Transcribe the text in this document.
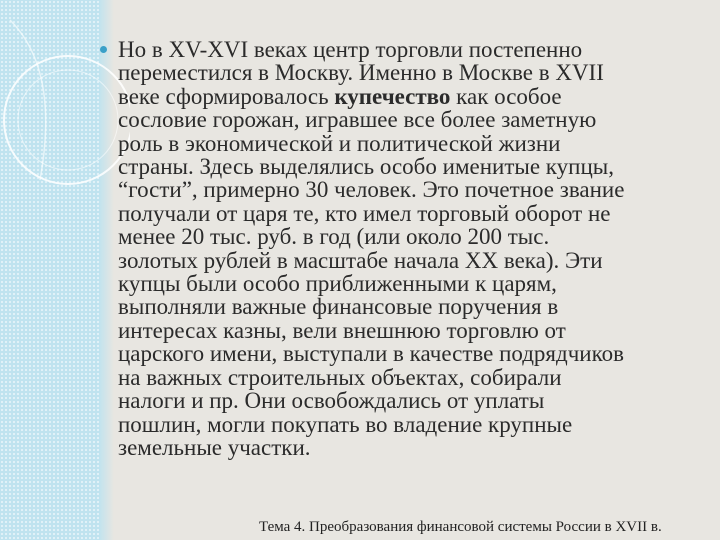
Но в XV-XVI веках центр торговли постепенно
переместился в Москву. Именно в Москве в XVII
веке сформировалось купечество как особое
сословие горожан, игравшее все более заметную
роль в экономической и политической жизни
страны. Здесь выделялись особо именитые купцы,
“гости”, примерно 30 человек. Это почетное звание
получали от царя те, кто имел торговый оборот не
менее 20 тыс. руб. в год (или около 200 тыс.
золотых рублей в масштабе начала XX века). Эти
купцы были особо приближенными к царям,
выполняли важные финансовые поручения в
интересах казны, вели внешнюю торговлю от
царского имени, выступали в качестве подрядчиков
на важных строительных объектах, собирали
налоги и пр. Они освобождались от уплаты
пошлин, могли покупать во владение крупные
земельные участки.
Тема 4. Преобразования финансовой системы России в XVII в.
